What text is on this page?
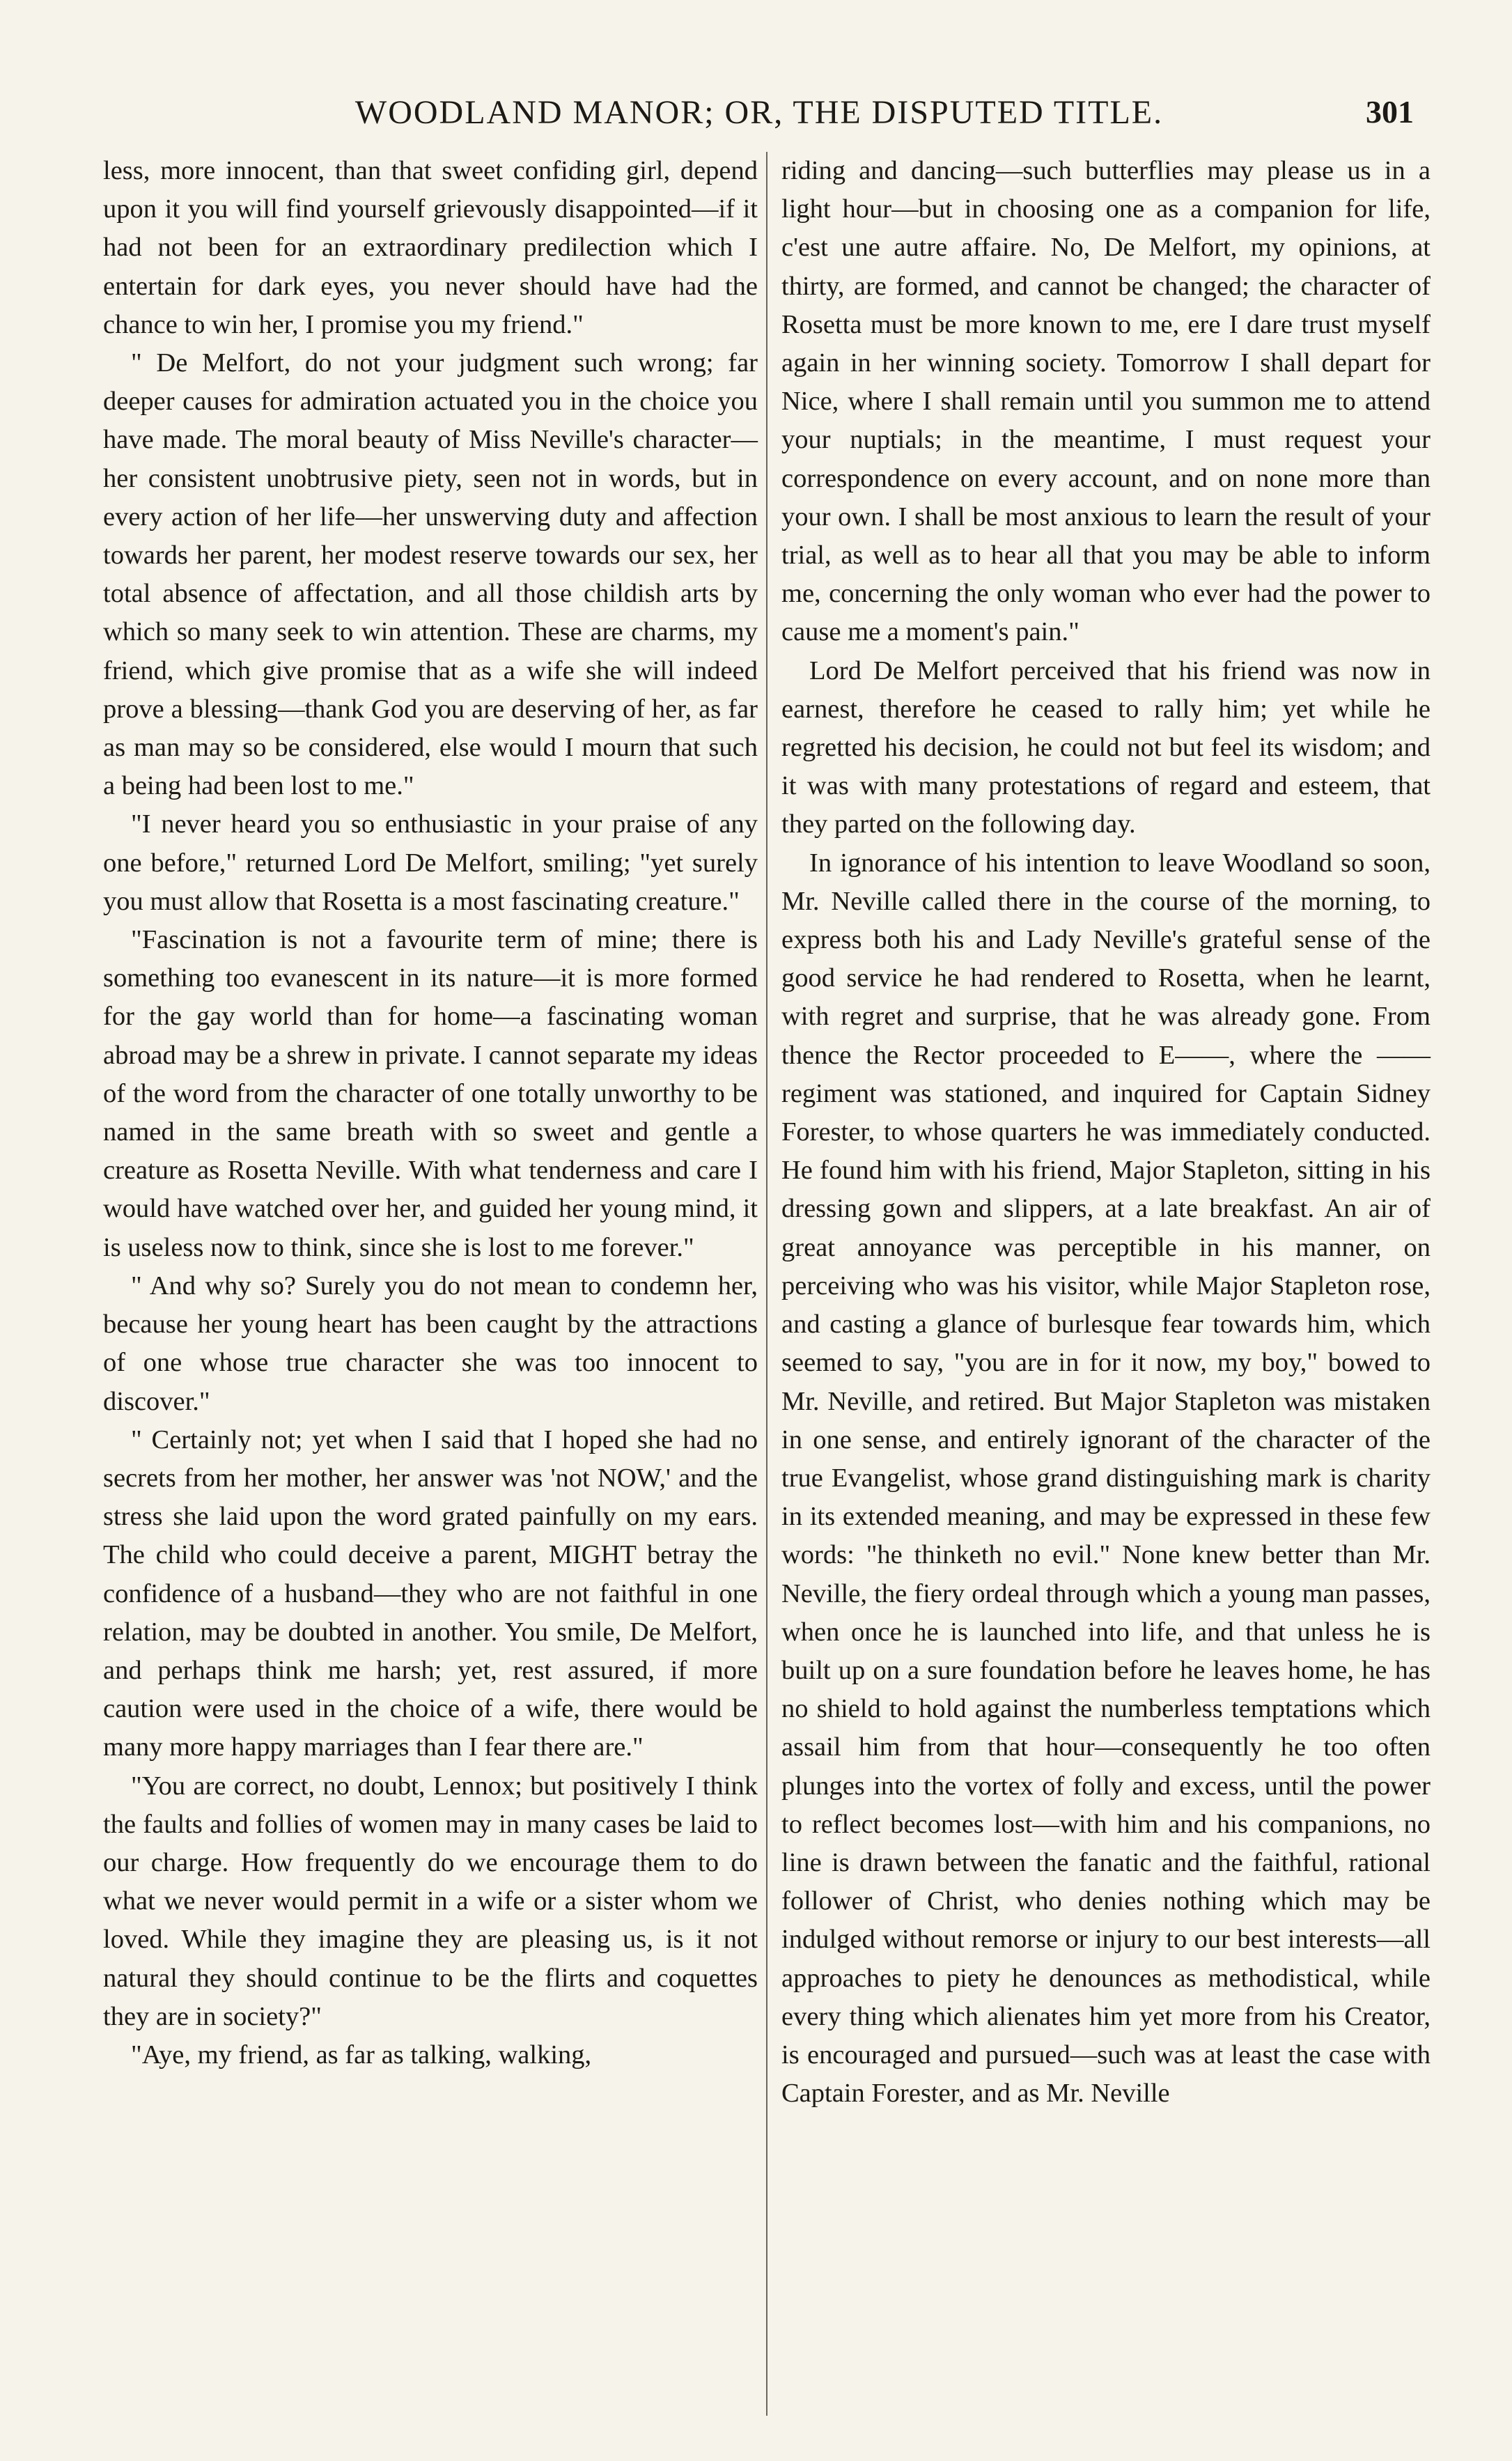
WOODLAND MANOR; OR, THE DISPUTED TITLE.	301

less, more innocent, than that sweet confiding girl, depend upon it you will find yourself grievously disappointed—if it had not been for an extraordinary predilection which I entertain for dark eyes, you never should have had the chance to win her, I promise you my friend."

" De Melfort, do not your judgment such wrong; far deeper causes for admiration actuated you in the choice you have made. The moral beauty of Miss Neville's character—her consistent unobtrusive piety, seen not in words, but in every action of her life—her unswerving duty and affection towards her parent, her modest reserve towards our sex, her total absence of affectation, and all those childish arts by which so many seek to win attention. These are charms, my friend, which give promise that as a wife she will indeed prove a blessing—thank God you are deserving of her, as far as man may so be considered, else would I mourn that such a being had been lost to me."

"I never heard you so enthusiastic in your praise of any one before," returned Lord De Melfort, smiling; "yet surely you must allow that Rosetta is a most fascinating creature."

"Fascination is not a favourite term of mine; there is something too evanescent in its nature—it is more formed for the gay world than for home—a fascinating woman abroad may be a shrew in private. I cannot separate my ideas of the word from the character of one totally unworthy to be named in the same breath with so sweet and gentle a creature as Rosetta Neville. With what tenderness and care I would have watched over her, and guided her young mind, it is useless now to think, since she is lost to me forever."

" And why so? Surely you do not mean to condemn her, because her young heart has been caught by the attractions of one whose true character she was too innocent to discover."

" Certainly not; yet when I said that I hoped she had no secrets from her mother, her answer was 'not NOW,' and the stress she laid upon the word grated painfully on my ears. The child who could deceive a parent, MIGHT betray the confidence of a husband—they who are not faithful in one relation, may be doubted in another. You smile, De Melfort, and perhaps think me harsh; yet, rest assured, if more caution were used in the choice of a wife, there would be many more happy marriages than I fear there are."

"You are correct, no doubt, Lennox; but positively I think the faults and follies of women may in many cases be laid to our charge. How frequently do we encourage them to do what we never would permit in a wife or a sister whom we loved. While they imagine they are pleasing us, is it not natural they should continue to be the flirts and coquettes they are in society?"

"Aye, my friend, as far as talking, walking,

riding and dancing—such butterflies may please us in a light hour—but in choosing one as a companion for life, c'est une autre affaire. No, De Melfort, my opinions, at thirty, are formed, and cannot be changed; the character of Rosetta must be more known to me, ere I dare trust myself again in her winning society. Tomorrow I shall depart for Nice, where I shall remain until you summon me to attend your nuptials; in the meantime, I must request your correspondence on every account, and on none more than your own. I shall be most anxious to learn the result of your trial, as well as to hear all that you may be able to inform me, concerning the only woman who ever had the power to cause me a moment's pain."

Lord De Melfort perceived that his friend was now in earnest, therefore he ceased to rally him; yet while he regretted his decision, he could not but feel its wisdom; and it was with many protestations of regard and esteem, that they parted on the following day.

In ignorance of his intention to leave Woodland so soon, Mr. Neville called there in the course of the morning, to express both his and Lady Neville's grateful sense of the good service he had rendered to Rosetta, when he learnt, with regret and surprise, that he was already gone. From thence the Rector proceeded to E——, where the —— regiment was stationed, and inquired for Captain Sidney Forester, to whose quarters he was immediately conducted. He found him with his friend, Major Stapleton, sitting in his dressing gown and slippers, at a late breakfast. An air of great annoyance was perceptible in his manner, on perceiving who was his visitor, while Major Stapleton rose, and casting a glance of burlesque fear towards him, which seemed to say, "you are in for it now, my boy," bowed to Mr. Neville, and retired. But Major Stapleton was mistaken in one sense, and entirely ignorant of the character of the true Evangelist, whose grand distinguishing mark is charity in its extended meaning, and may be expressed in these few words: "he thinketh no evil." None knew better than Mr. Neville, the fiery ordeal through which a young man passes, when once he is launched into life, and that unless he is built up on a sure foundation before he leaves home, he has no shield to hold against the numberless temptations which assail him from that hour—consequently he too often plunges into the vortex of folly and excess, until the power to reflect becomes lost—with him and his companions, no line is drawn between the fanatic and the faithful, rational follower of Christ, who denies nothing which may be indulged without remorse or injury to our best interests—all approaches to piety he denounces as methodistical, while every thing which alienates him yet more from his Creator, is encouraged and pursued—such was at least the case with Captain Forester, and as Mr. Neville
